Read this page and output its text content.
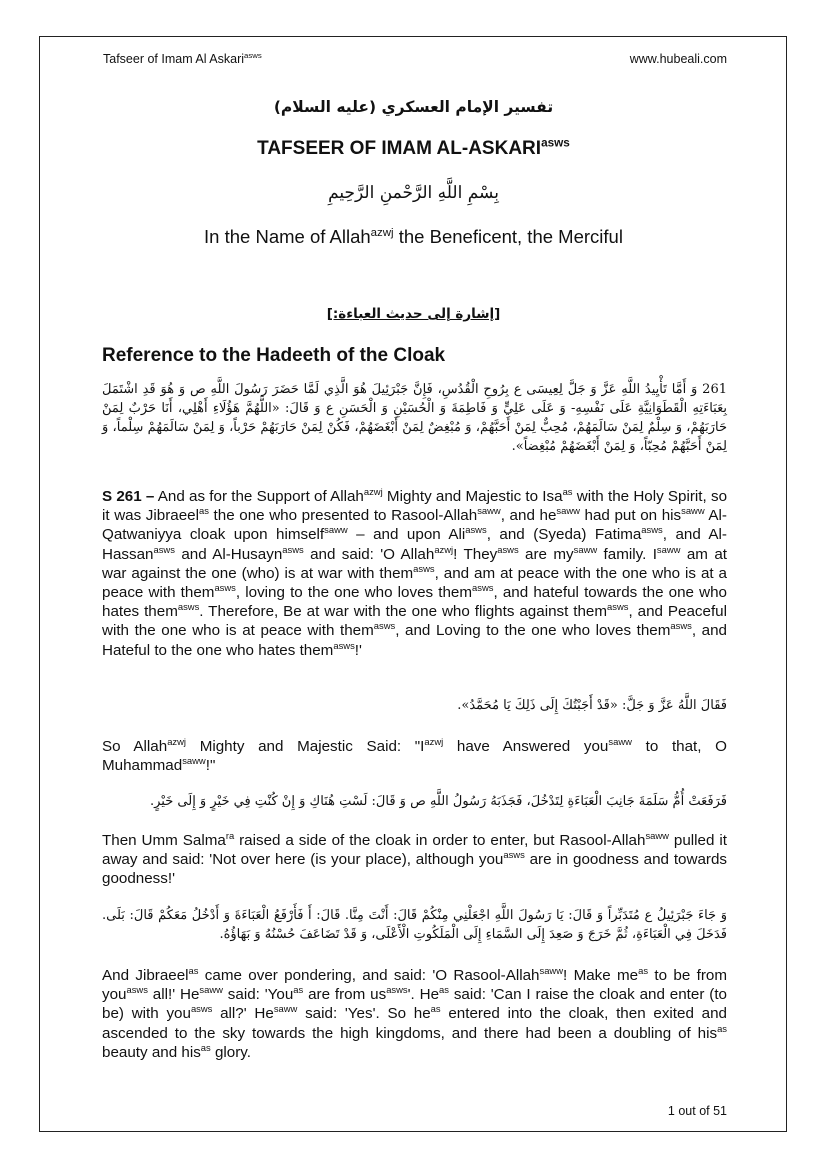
Tafseer of Imam Al Askari$^{asws}$	www.hubeali.com
تفسير الإمام العسكري (عليه السلام)
TAFSEER OF IMAM $AL-ASKARI^{asws}$
بِسْمِ اللَّهِ الرَّحْمنِ الرَّحِيمِ
In the Name of Allah$^{azwj}$ the Beneficent, the Merciful
[إشارة إلى حديث العباءة:]
Reference to the Hadeeth of the Cloak
261 وَ أَمَّا تَأْيِيدُ اللَّهِ عَزَّ وَ جَلَّ لِعِيسَى ع بِرُوحِ الْقُدُسِ، فَإِنَّ جَبْرَئِيلَ هُوَ الَّذِي لَمَّا حَضَرَ رَسُولَ اللَّهِ ص وَ هُوَ قَدِ اشْتَمَلَ بِعَبَاءَتِهِ الْقَطَوَانِيَّةِ عَلَى نَفْسِهِ- وَ عَلَى عَلِيٍّ وَ فَاطِمَةَ وَ الْحُسَيْنِ وَ الْحَسَنِ ع وَ قَالَ: «اللَّهُمَّ هَؤُلَاءِ أَهْلِي، أَنَا حَرْبٌ لِمَنْ حَارَبَهُمْ، وَ سِلْمٌ لِمَنْ سَالَمَهُمْ، مُحِبٌّ لِمَنْ أَحَبَّهُمْ، وَ مُبْغِضٌ لِمَنْ أَبْغَضَهُمْ، فَكُنْ لِمَنْ حَارَبَهُمْ حَرْباً، وَ لِمَنْ سَالَمَهُمْ سِلْماً، وَ لِمَنْ أَحَبَّهُمْ مُحِبّاً، وَ لِمَنْ أَبْغَضَهُمْ مُبْغِضاً».
S 261 – And as for the Support of Allah$^{azwj}$ Mighty and Majestic to Isa$^{as}$ with the Holy Spirit, so it was Jibraeel$^{as}$ the one who presented to Rasool-Allah$^{saww}$, and $he^{saww}$ had put on his$^{saww}$ Al-Qatwaniyya cloak upon himself$^{saww}$ – and upon Ali$^{asws}$, and (Syeda) Fatima$^{asws}$, and Al-Hassan$^{asws}$ and Al-Husayn$^{asws}$ and said: 'O Allah$^{azwj}$! They$^{asws}$ are $my^{saww}$ family. $I^{saww}$ am at war against the one (who) is at war with them$^{asws}$, and am at peace with the one who is at a peace with them$^{asws}$, loving to the one who loves them$^{asws}$, and hateful towards the one who hates them$^{asws}$. Therefore, Be at war with the one who flights against them$^{asws}$, and Peaceful with the one who is at peace with them$^{asws}$, and Loving to the one who loves them$^{asws}$, and Hateful to the one who hates them$^{asws}$!'
فَقَالَ اللَّهُ عَزَّ وَ جَلَّ: «قَدْ أَجَبْتُكَ إِلَى ذَلِكَ يَا مُحَمَّدُ».
So Allah$^{azwj}$ Mighty and Majestic Said: "$I^{azwj}$ have Answered you$^{saww}$ to that, O Muhammad$^{saww}$!"
فَرَفَعَتْ أُمُّ سَلَمَةَ جَانِبَ الْعَبَاءَةِ لِتَدْخُلَ، فَجَذَبَهُ رَسُولُ اللَّهِ ص وَ قَالَ: لَسْتِ هُنَاكِ وَ إِنْ كُنْتِ فِي خَيْرٍ وَ إِلَى خَيْرٍ.
Then Umm Salma$^{ra}$ raised a side of the cloak in order to enter, but Rasool-Allah$^{saww}$ pulled it away and said: 'Not over here (is your place), although you$^{asws}$ are in goodness and towards goodness!'
وَ جَاءَ جَبْرَئِيلُ ع مُتَدَبِّراً وَ قَالَ: يَا رَسُولَ اللَّهِ اجْعَلْنِي مِنْكُمْ قَالَ: أَنْتَ مِنَّا. قَالَ: أَ فَأَرْفَعُ الْعَبَاءَةَ وَ أَدْخُلُ مَعَكُمْ قَالَ: بَلَى. فَدَخَلَ فِي الْعَبَاءَةِ، ثُمَّ خَرَجَ وَ صَعِدَ إِلَى السَّمَاءِ إِلَى الْمَلَكُوتِ الْأَعْلَى، وَ قَدْ تَضَاعَفَ حُسْنُهُ وَ بَهَاؤُهُ.
And Jibraeel$^{as}$ came over pondering, and said: 'O Rasool-Allah$^{saww}$! Make $me^{as}$ to be from you$^{asws}$ all!' $He^{saww}$ said: 'You$^{as}$ are from $us^{asws}'$. $He^{as}$ said: 'Can I raise the cloak and enter (to be) with you$^{asws}$ all?' $He^{saww}$ said: 'Yes'. So $he^{as}$ entered into the cloak, then exited and ascended to the sky towards the high kingdoms, and there had been a doubling of his$^{as}$ beauty and his$^{as}$ glory.
1 out of 51
